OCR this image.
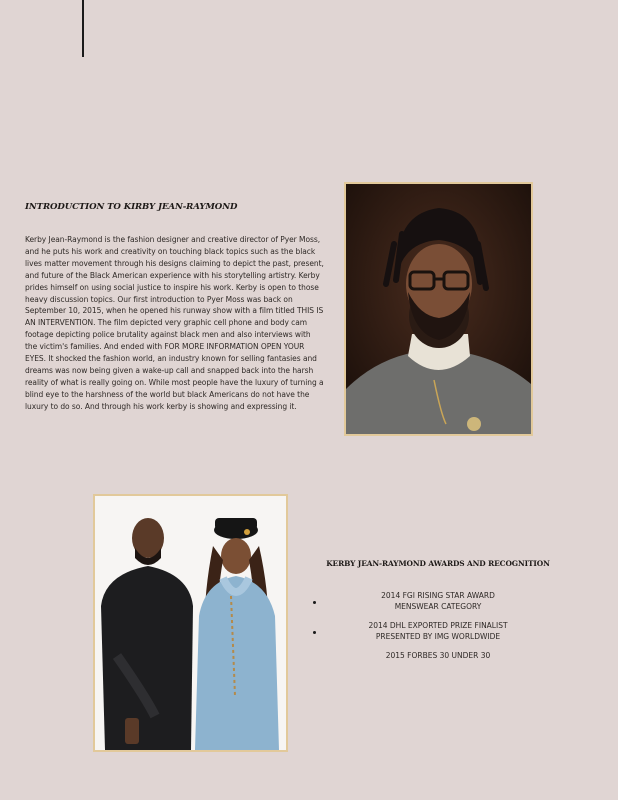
INTRODUCTION TO KIRBY JEAN-RAYMOND
Kerby Jean-Raymond is the fashion designer and creative director of Pyer Moss, and he puts his work and creativity on touching black topics such as the black lives matter movement through his designs claiming to depict the past, present, and future of the Black American experience with his storytelling artistry. Kerby prides himself on using social justice to inspire his work. Kerby is open to those heavy discussion topics. Our first introduction to Pyer Moss was back on September 10, 2015, when he opened his runway show with a film titled THIS IS AN INTERVENTION. The film depicted very graphic cell phone and body cam footage depicting police brutality against black men and also interviews with the victim's families. And ended with FOR MORE INFORMATION OPEN YOUR EYES. It shocked the fashion world, an industry known for selling fantasies and dreams was now being given a wake-up call and snapped back into the harsh reality of what is really going on. While most people have the luxury of turning a blind eye to the harshness of the world but black Americans do not have the luxury to do so. And through his work kerby is showing and expressing it.
KERBY JEAN-RAYMOND AWARDS AND RECOGNITION
2014 FGI RISING STAR AWARD
MENSWEAR CATEGORY
2014 DHL EXPORTED PRIZE FINALIST
PRESENTED BY IMG WORLDWIDE
2015 FORBES 30 UNDER 30
